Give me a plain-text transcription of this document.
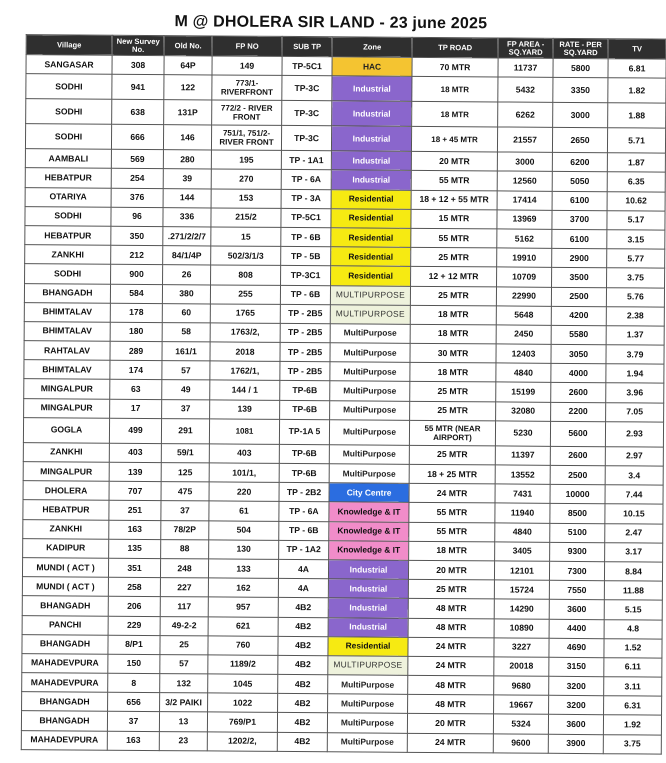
M @ DHOLERA SIR LAND - 23 june 2025
Village	New Survey No.	Old No.	FP NO	SUB TP	Zone	TP ROAD	FP AREA - SQ.YARD	RATE - PER SQ.YARD	TV
SANGASAR	308	64P	149	TP-5C1	HAC	70 MTR	11737	5800	6.81
SODHI	941	122	773/1-RIVERFRONT	TP-3C	Industrial	18 MTR	5432	3350	1.82
SODHI	638	131P	772/2 - RIVER FRONT	TP-3C	Industrial	18 MTR	6262	3000	1.88
SODHI	666	146	751/1, 751/2-RIVER FRONT	TP-3C	Industrial	18 + 45 MTR	21557	2650	5.71
AAMBALI	569	280	195	TP - 1A1	Industrial	20 MTR	3000	6200	1.87
HEBATPUR	254	39	270	TP - 6A	Industrial	55 MTR	12560	5050	6.35
OTARIYA	376	144	153	TP - 3A	Residential	18 + 12 + 55 MTR	17414	6100	10.62
SODHI	96	336	215/2	TP-5C1	Residential	15 MTR	13969	3700	5.17
HEBATPUR	350	.271/2/2/7	15	TP - 6B	Residential	55 MTR	5162	6100	3.15
ZANKHI	212	84/1/4P	502/3/1/3	TP - 5B	Residential	25 MTR	19910	2900	5.77
SODHI	900	26	808	TP-3C1	Residential	12 + 12 MTR	10709	3500	3.75
BHANGADH	584	380	255	TP - 6B	MULTIPURPOSE	25 MTR	22990	2500	5.76
BHIMTALAV	178	60	1765	TP - 2B5	MULTIPURPOSE	18 MTR	5648	4200	2.38
BHIMTALAV	180	58	1763/2,	TP - 2B5	MultiPurpose	18 MTR	2450	5580	1.37
RAHTALAV	289	161/1	2018	TP - 2B5	MultiPurpose	30 MTR	12403	3050	3.79
BHIMTALAV	174	57	1762/1,	TP - 2B5	MultiPurpose	18 MTR	4840	4000	1.94
MINGALPUR	63	49	144 / 1	TP-6B	MultiPurpose	25 MTR	15199	2600	3.96
MINGALPUR	17	37	139	TP-6B	MultiPurpose	25 MTR	32080	2200	7.05
GOGLA	499	291	1081	TP-1A 5	MultiPurpose	55 MTR (NEAR AIRPORT)	5230	5600	2.93
ZANKHI	403	59/1	403	TP-6B	MultiPurpose	25 MTR	11397	2600	2.97
MINGALPUR	139	125	101/1,	TP-6B	MultiPurpose	18 + 25 MTR	13552	2500	3.4
DHOLERA	707	475	220	TP - 2B2	City Centre	24 MTR	7431	10000	7.44
HEBATPUR	251	37	61	TP - 6A	Knowledge & IT	55 MTR	11940	8500	10.15
ZANKHI	163	78/2P	504	TP - 6B	Knowledge & IT	55 MTR	4840	5100	2.47
KADIPUR	135	88	130	TP - 1A2	Knowledge & IT	18 MTR	3405	9300	3.17
MUNDI ( ACT )	351	248	133	4A	Industrial	20 MTR	12101	7300	8.84
MUNDI ( ACT )	258	227	162	4A	Industrial	25 MTR	15724	7550	11.88
BHANGADH	206	117	957	4B2	Industrial	48 MTR	14290	3600	5.15
PANCHI	229	49-2-2	621	4B2	Industrial	48 MTR	10890	4400	4.8
BHANGADH	8/P1	25	760	4B2	Residential	24 MTR	3227	4690	1.52
MAHADEVPURA	150	57	1189/2	4B2	MULTIPURPOSE	24 MTR	20018	3150	6.11
MAHADEVPURA	8	132	1045	4B2	MultiPurpose	48 MTR	9680	3200	3.11
BHANGADH	656	3/2 PAIKI	1022	4B2	MultiPurpose	48 MTR	19667	3200	6.31
BHANGADH	37	13	769/P1	4B2	MultiPurpose	20 MTR	5324	3600	1.92
MAHADEVPURA	163	23	1202/2,	4B2	MultiPurpose	24 MTR	9600	3900	3.75
